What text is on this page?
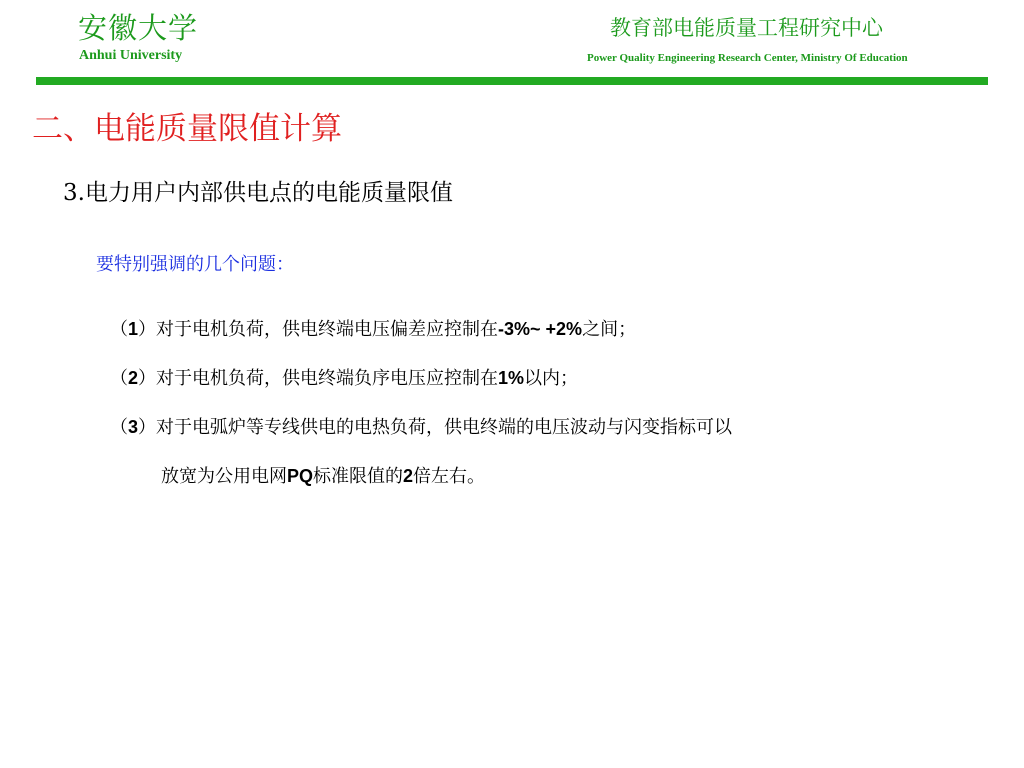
安徽大学
Anhui University
教育部电能质量工程研究中心
Power Quality Engineering Research Center, Ministry Of Education
二、电能质量限值计算
3.电力用户内部供电点的电能质量限值
要特别强调的几个问题：
（1）对于电机负荷，供电终端电压偏差应控制在-3%~ +2%之间；
（2）对于电机负荷，供电终端负序电压应控制在1%以内；
（3）对于电弧炉等专线供电的电热负荷，供电终端的电压波动与闪变指标可以
放宽为公用电网PQ标准限值的2倍左右。
